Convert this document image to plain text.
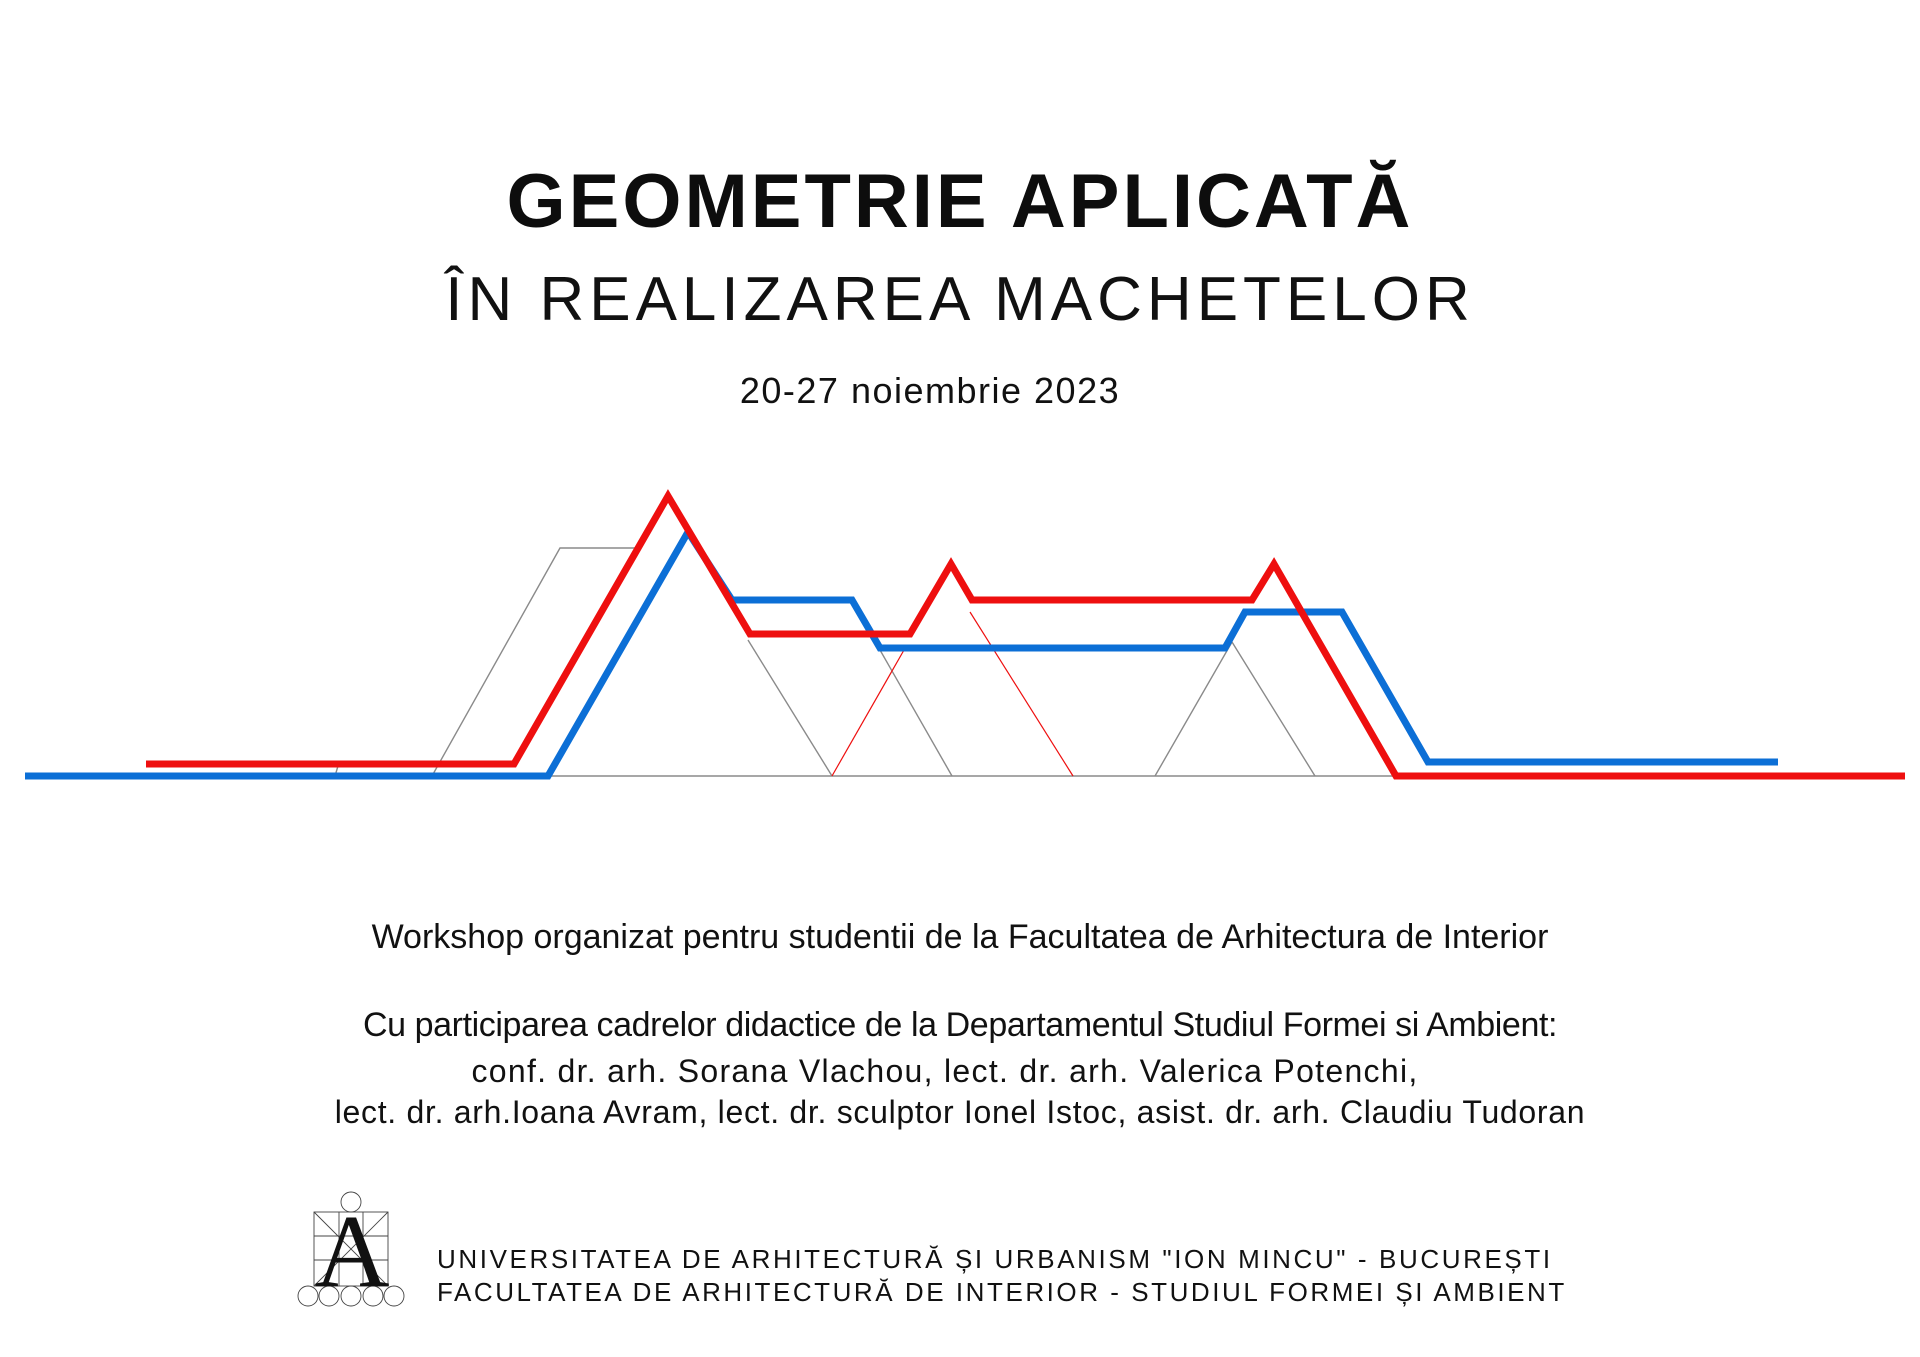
GEOMETRIE APLICATĂ
ÎN REALIZAREA MACHETELOR
20-27 noiembrie 2023
Workshop organizat pentru studentii de la Facultatea de Arhitectura de Interior
Cu participarea cadrelor didactice de la Departamentul Studiul Formei si Ambient:
conf. dr. arh. Sorana Vlachou, lect. dr. arh. Valerica Potenchi,
lect. dr. arh.Ioana Avram, lect. dr. sculptor Ionel Istoc, asist. dr. arh. Claudiu Tudoran
A UNIVERSITATEA DE ARHITECTURĂ ȘI URBANISM "ION MINCU" - BUCUREȘTI
FACULTATEA DE ARHITECTURĂ DE INTERIOR - STUDIUL FORMEI ȘI AMBIENT
